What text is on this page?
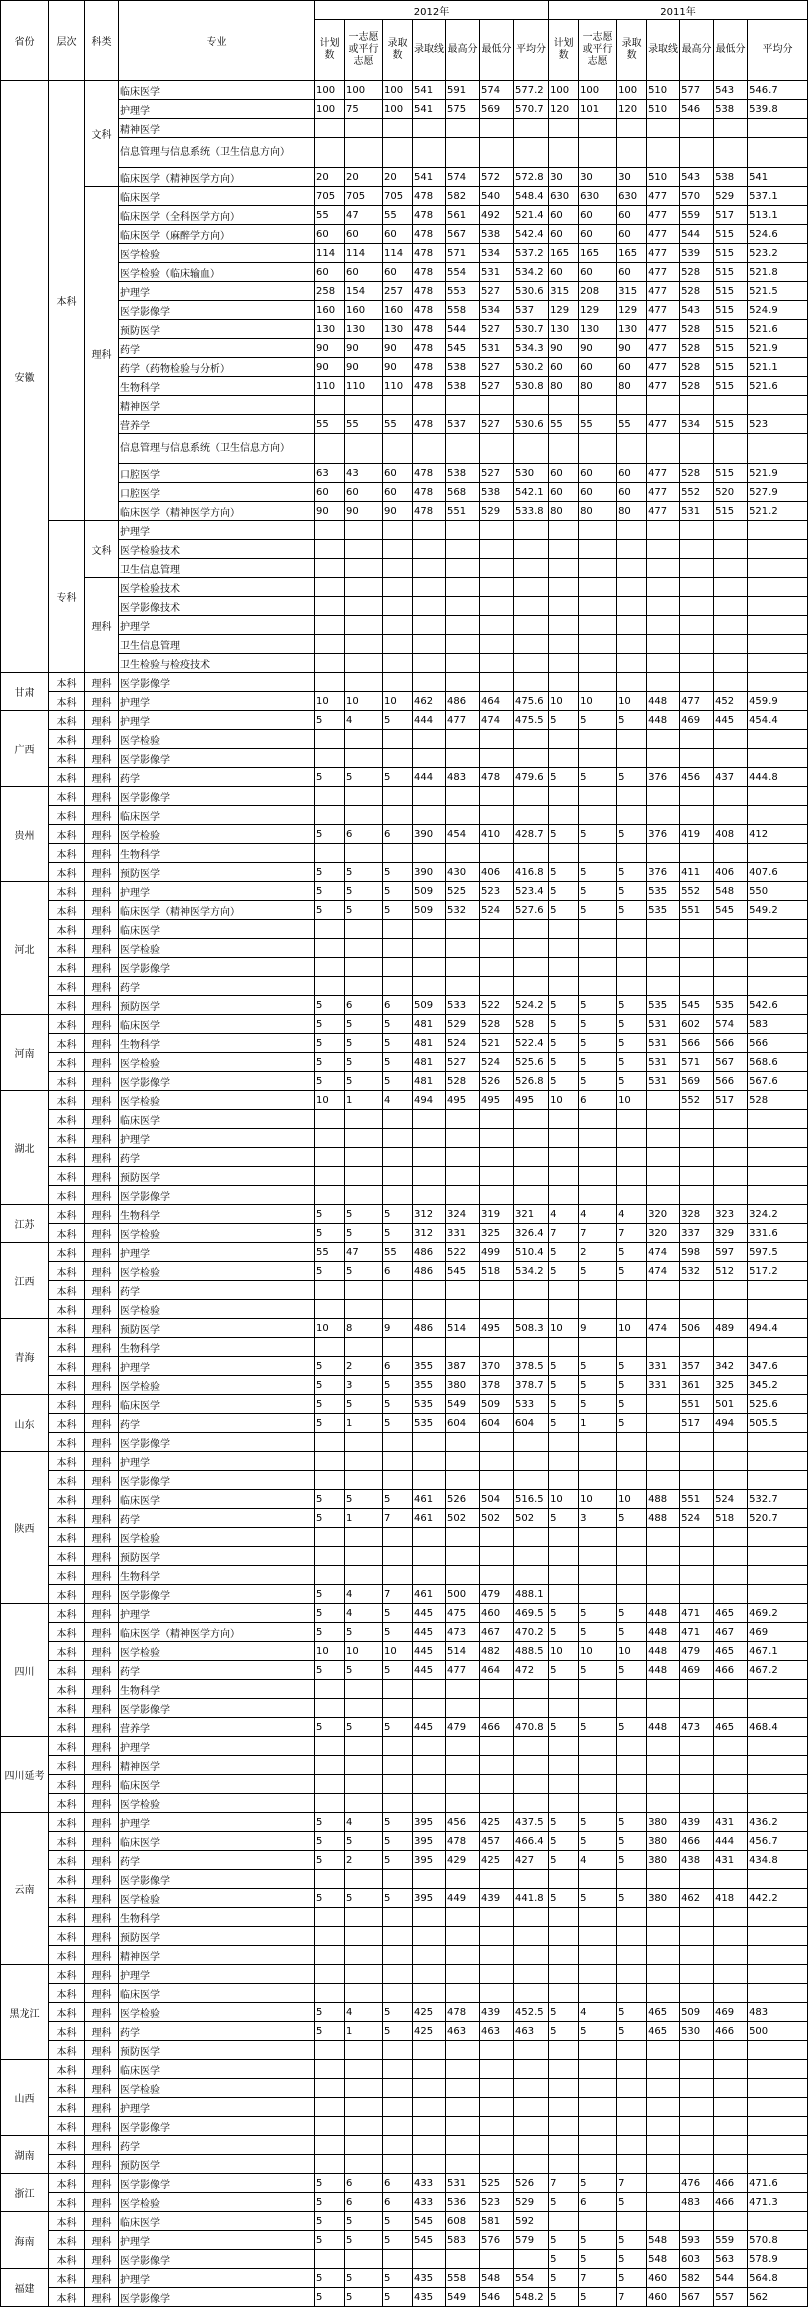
省份	层次	科类	专业	2012年							2011年						
				计划数	一志愿或平行志愿	录取数	录取线	最高分	最低分	平均分	计划数	一志愿或平行志愿	录取数	录取线	最高分	最低分	平均分
安徽	本科	文科	临床医学	100	100	100	541	591	574	577.2	100	100	100	510	577	543	546.7
			护理学	100	75	100	541	575	569	570.7	120	101	120	510	546	538	539.8
			精神医学														
			信息管理与信息系统（卫生信息方向）														
			临床医学（精神医学方向）	20	20	20	541	574	572	572.8	30	30	30	510	543	538	541
		理科	临床医学	705	705	705	478	582	540	548.4	630	630	630	477	570	529	537.1
			临床医学（全科医学方向）	55	47	55	478	561	492	521.4	60	60	60	477	559	517	513.1
			临床医学（麻醉学方向）	60	60	60	478	567	538	542.4	60	60	60	477	544	515	524.6
			医学检验	114	114	114	478	571	534	537.2	165	165	165	477	539	515	523.2
			医学检验（临床输血）	60	60	60	478	554	531	534.2	60	60	60	477	528	515	521.8
			护理学	258	154	257	478	553	527	530.6	315	208	315	477	528	515	521.5
			医学影像学	160	160	160	478	558	534	537	129	129	129	477	543	515	524.9
			预防医学	130	130	130	478	544	527	530.7	130	130	130	477	528	515	521.6
			药学	90	90	90	478	545	531	534.3	90	90	90	477	528	515	521.9
			药学（药物检验与分析）	90	90	90	478	538	527	530.2	60	60	60	477	528	515	521.1
			生物科学	110	110	110	478	538	527	530.8	80	80	80	477	528	515	521.6
			精神医学														
			营养学	55	55	55	478	537	527	530.6	55	55	55	477	534	515	523
			信息管理与信息系统（卫生信息方向）														
			口腔医学	63	43	60	478	538	527	530	60	60	60	477	528	515	521.9
			口腔医学	60	60	60	478	568	538	542.1	60	60	60	477	552	520	527.9
			临床医学（精神医学方向）	90	90	90	478	551	529	533.8	80	80	80	477	531	515	521.2
	专科	文科	护理学														
			医学检验技术														
			卫生信息管理														
		理科	医学检验技术														
			医学影像技术														
			护理学														
			卫生信息管理														
			卫生检验与检疫技术														
甘肃	本科	理科	医学影像学														
	本科	理科	护理学	10	10	10	462	486	464	475.6	10	10	10	448	477	452	459.9
广西	本科	理科	护理学	5	4	5	444	477	474	475.5	5	5	5	448	469	445	454.4
	本科	理科	医学检验														
	本科	理科	医学影像学														
	本科	理科	药学	5	5	5	444	483	478	479.6	5	5	5	376	456	437	444.8
贵州	本科	理科	医学影像学														
	本科	理科	临床医学														
	本科	理科	医学检验	5	6	6	390	454	410	428.7	5	5	5	376	419	408	412
	本科	理科	生物科学														
	本科	理科	预防医学	5	5	5	390	430	406	416.8	5	5	5	376	411	406	407.6
河北	本科	理科	护理学	5	5	5	509	525	523	523.4	5	5	5	535	552	548	550
	本科	理科	临床医学（精神医学方向）	5	5	5	509	532	524	527.6	5	5	5	535	551	545	549.2
	本科	理科	临床医学														
	本科	理科	医学检验														
	本科	理科	医学影像学														
	本科	理科	药学														
	本科	理科	预防医学	5	6	6	509	533	522	524.2	5	5	5	535	545	535	542.6
河南	本科	理科	临床医学	5	5	5	481	529	528	528	5	5	5	531	602	574	583
	本科	理科	生物科学	5	5	5	481	524	521	522.4	5	5	5	531	566	566	566
	本科	理科	医学检验	5	5	5	481	527	524	525.6	5	5	5	531	571	567	568.6
	本科	理科	医学影像学	5	5	5	481	528	526	526.8	5	5	5	531	569	566	567.6
湖北	本科	理科	医学检验	10	1	4	494	495	495	495	10	6	10		552	517	528
	本科	理科	临床医学														
	本科	理科	护理学														
	本科	理科	药学														
	本科	理科	预防医学														
	本科	理科	医学影像学														
江苏	本科	理科	生物科学	5	5	5	312	324	319	321	4	4	4	320	328	323	324.2
	本科	理科	医学检验	5	5	5	312	331	325	326.4	7	7	7	320	337	329	331.6
江西	本科	理科	护理学	55	47	55	486	522	499	510.4	5	2	5	474	598	597	597.5
	本科	理科	医学检验	5	5	6	486	545	518	534.2	5	5	5	474	532	512	517.2
	本科	理科	药学														
	本科	理科	医学检验														
青海	本科	理科	预防医学	10	8	9	486	514	495	508.3	10	9	10	474	506	489	494.4
	本科	理科	生物科学														
	本科	理科	护理学	5	2	6	355	387	370	378.5	5	5	5	331	357	342	347.6
	本科	理科	医学检验	5	3	5	355	380	378	378.7	5	5	5	331	361	325	345.2
山东	本科	理科	临床医学	5	5	5	535	549	509	533	5	5	5		551	501	525.6
	本科	理科	药学	5	1	5	535	604	604	604	5	1	5		517	494	505.5
	本科	理科	医学影像学														
陕西	本科	理科	护理学														
	本科	理科	医学影像学														
	本科	理科	临床医学	5	5	5	461	526	504	516.5	10	10	10	488	551	524	532.7
	本科	理科	药学	5	1	7	461	502	502	502	5	3	5	488	524	518	520.7
	本科	理科	医学检验														
	本科	理科	预防医学														
	本科	理科	生物科学														
	本科	理科	医学影像学	5	4	7	461	500	479	488.1							
四川	本科	理科	护理学	5	4	5	445	475	460	469.5	5	5	5	448	471	465	469.2
	本科	理科	临床医学（精神医学方向）	5	5	5	445	473	467	470.2	5	5	5	448	471	467	469
	本科	理科	医学检验	10	10	10	445	514	482	488.5	10	10	10	448	479	465	467.1
	本科	理科	药学	5	5	5	445	477	464	472	5	5	5	448	469	466	467.2
	本科	理科	生物科学														
	本科	理科	医学影像学														
	本科	理科	营养学	5	5	5	445	479	466	470.8	5	5	5	448	473	465	468.4
四川延考	本科	理科	护理学														
	本科	理科	精神医学														
	本科	理科	临床医学														
	本科	理科	医学检验														
云南	本科	理科	护理学	5	4	5	395	456	425	437.5	5	5	5	380	439	431	436.2
	本科	理科	临床医学	5	5	5	395	478	457	466.4	5	5	5	380	466	444	456.7
	本科	理科	药学	5	2	5	395	429	425	427	5	4	5	380	438	431	434.8
	本科	理科	医学影像学														
	本科	理科	医学检验	5	5	5	395	449	439	441.8	5	5	5	380	462	418	442.2
	本科	理科	生物科学														
	本科	理科	预防医学														
	本科	理科	精神医学														
黑龙江	本科	理科	护理学														
	本科	理科	临床医学														
	本科	理科	医学检验	5	4	5	425	478	439	452.5	5	4	5	465	509	469	483
	本科	理科	药学	5	1	5	425	463	463	463	5	5	5	465	530	466	500
	本科	理科	预防医学														
山西	本科	理科	临床医学														
	本科	理科	医学检验														
	本科	理科	护理学														
	本科	理科	医学影像学														
湖南	本科	理科	药学														
	本科	理科	预防医学														
浙江	本科	理科	医学影像学	5	6	6	433	531	525	526	7	5	7		476	466	471.6
	本科	理科	医学检验	5	6	6	433	536	523	529	5	6	5		483	466	471.3
海南	本科	理科	临床医学	5	5	5	545	608	581	592							
	本科	理科	护理学	5	5	5	545	583	576	579	5	5	5	548	593	559	570.8
	本科	理科	医学影像学								5	5	5	548	603	563	578.9
福建	本科	理科	护理学	5	5	5	435	558	548	554	5	7	5	460	582	544	564.8
	本科	理科	医学影像学	5	5	5	435	549	546	548.2	5	5	7	460	567	557	562
